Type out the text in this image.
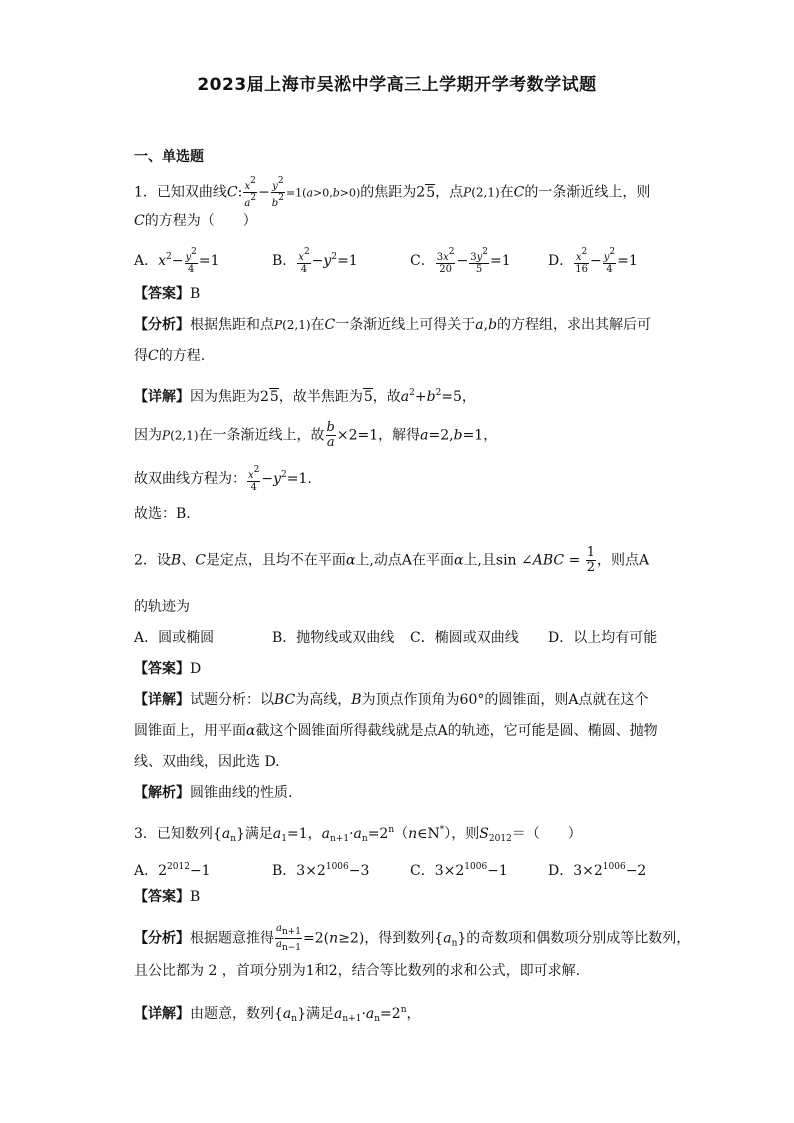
2023届上海市吴淞中学高三上学期开学考数学试题
一、单选题
1．已知双曲线C: $\frac{x^2}{a^2} - \frac{y^2}{b^2} =1(a>0,b>0)$的焦距为25，点P(2,1)在C的一条渐近线上，则
C的方程为（　　）
A．$x^2- \frac{y^2}{4} =1$	B． $\frac{x^2}{4} -y^2=1$	C． $\frac{3x^2}{20} - \frac{3y^2}{5} =1$	D． $\frac{x^2}{16} - \frac{y^2}{4} =1$
【答案】B
【分析】根据焦距和点P(2,1)在C一条渐近线上可得关于a,b的方程组，求出其解后可
得C的方程.
【详解】因为焦距为25，故半焦距为5，故$a^2+b^2=5$，
因为P(2,1)在一条渐近线上，故 $\frac{b}{a} \times 2=1$，解得a=2,b=1，
故双曲线方程为： $\frac{x^2}{4} -y^2=1$.
故选：B.
2．设B、C是定点，且均不在平面α上,动点A在平面α上,且sin ∠ABC = $\frac{1}{2}$ ，则点A
的轨迹为
A．圆或椭圆	B．抛物线或双曲线 C．椭圆或双曲线 D．以上均有可能
【答案】D
【详解】试题分析：以BC为高线，B为顶点作顶角为60°的圆锥面，则A点就在这个
圆锥面上，用平面α截这个圆锥面所得截线就是点A的轨迹，它可能是圆、椭圆、抛物
线、双曲线，因此选 D.
【解析】圆锥曲线的性质.
3．已知数列$\{a_n\}$满足$a_1=1$，$a_{n+1}\cdot a_n=2^n(n\in N^*)$，则$S_{2012}=$（　　）
A．$2^{2012}-1$	B．$3\times 2^{1006}-3$	C．$3\times 2^{1006}-1$	D．$3\times 2^{1006}-2$
【答案】B
【分析】根据题意推得 $\frac{a_{n+1}}{a_{n-1}} =2(n\ge 2)$，得到数列$\{a_n\}$的奇数项和偶数项分别成等比数列，
且公比都为 2 ，首项分别为1和2，结合等比数列的求和公式，即可求解.
【详解】由题意，数列$\{a_n\}$满足$a_{n+1}\cdot a_n=2^n$，
